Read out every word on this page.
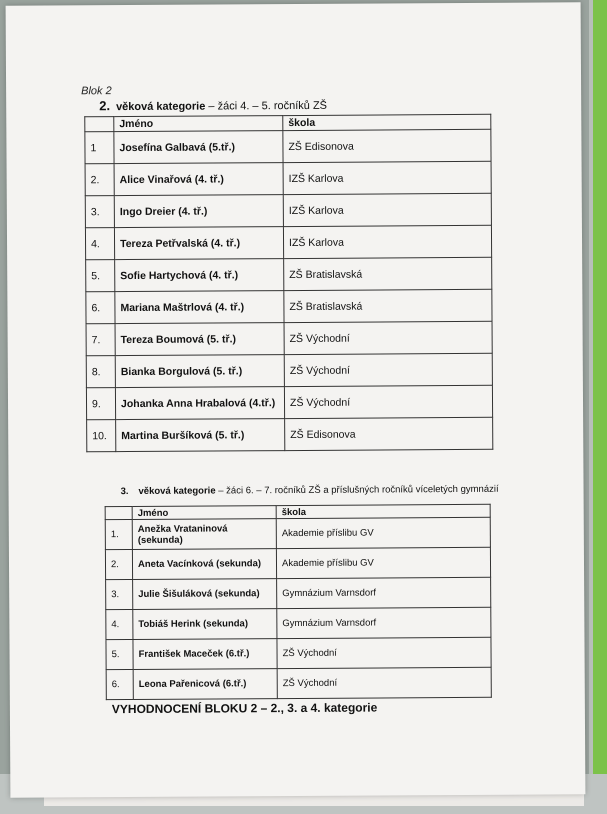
Blok 2
2. věková kategorie – žáci 4. – 5. ročníků ZŠ
	Jméno	škola
1	Josefína Galbavá (5.tř.)	ZŠ Edisonova
2.	Alice Vinařová (4. tř.)	IZŠ Karlova
3.	Ingo Dreier (4. tř.)	IZŠ Karlova
4.	Tereza Petřvalská (4. tř.)	IZŠ Karlova
5.	Sofie Hartychová (4. tř.)	ZŠ Bratislavská
6.	Mariana Maštrlová (4. tř.)	ZŠ Bratislavská
7.	Tereza Boumová (5. tř.)	ZŠ Východní
8.	Bianka Borgulová (5. tř.)	ZŠ Východní
9.	Johanka Anna Hrabalová (4.tř.)	ZŠ Východní
10.	Martina Buršíková (5. tř.)	ZŠ Edisonova
3. věková kategorie – žáci 6. – 7. ročníků ZŠ a příslušných ročníků víceletých gymnázií
	Jméno	škola
1.	Anežka Vrataninová (sekunda)	Akademie příslibu GV
2.	Aneta Vacínková (sekunda)	Akademie příslibu GV
3.	Julie Šišuláková (sekunda)	Gymnázium Varnsdorf
4.	Tobiáš Herink (sekunda)	Gymnázium Varnsdorf
5.	František Maceček (6.tř.)	ZŠ Východní
6.	Leona Pařenicová (6.tř.)	ZŠ Východní
VYHODNOCENÍ BLOKU 2 – 2., 3. a 4. kategorie
